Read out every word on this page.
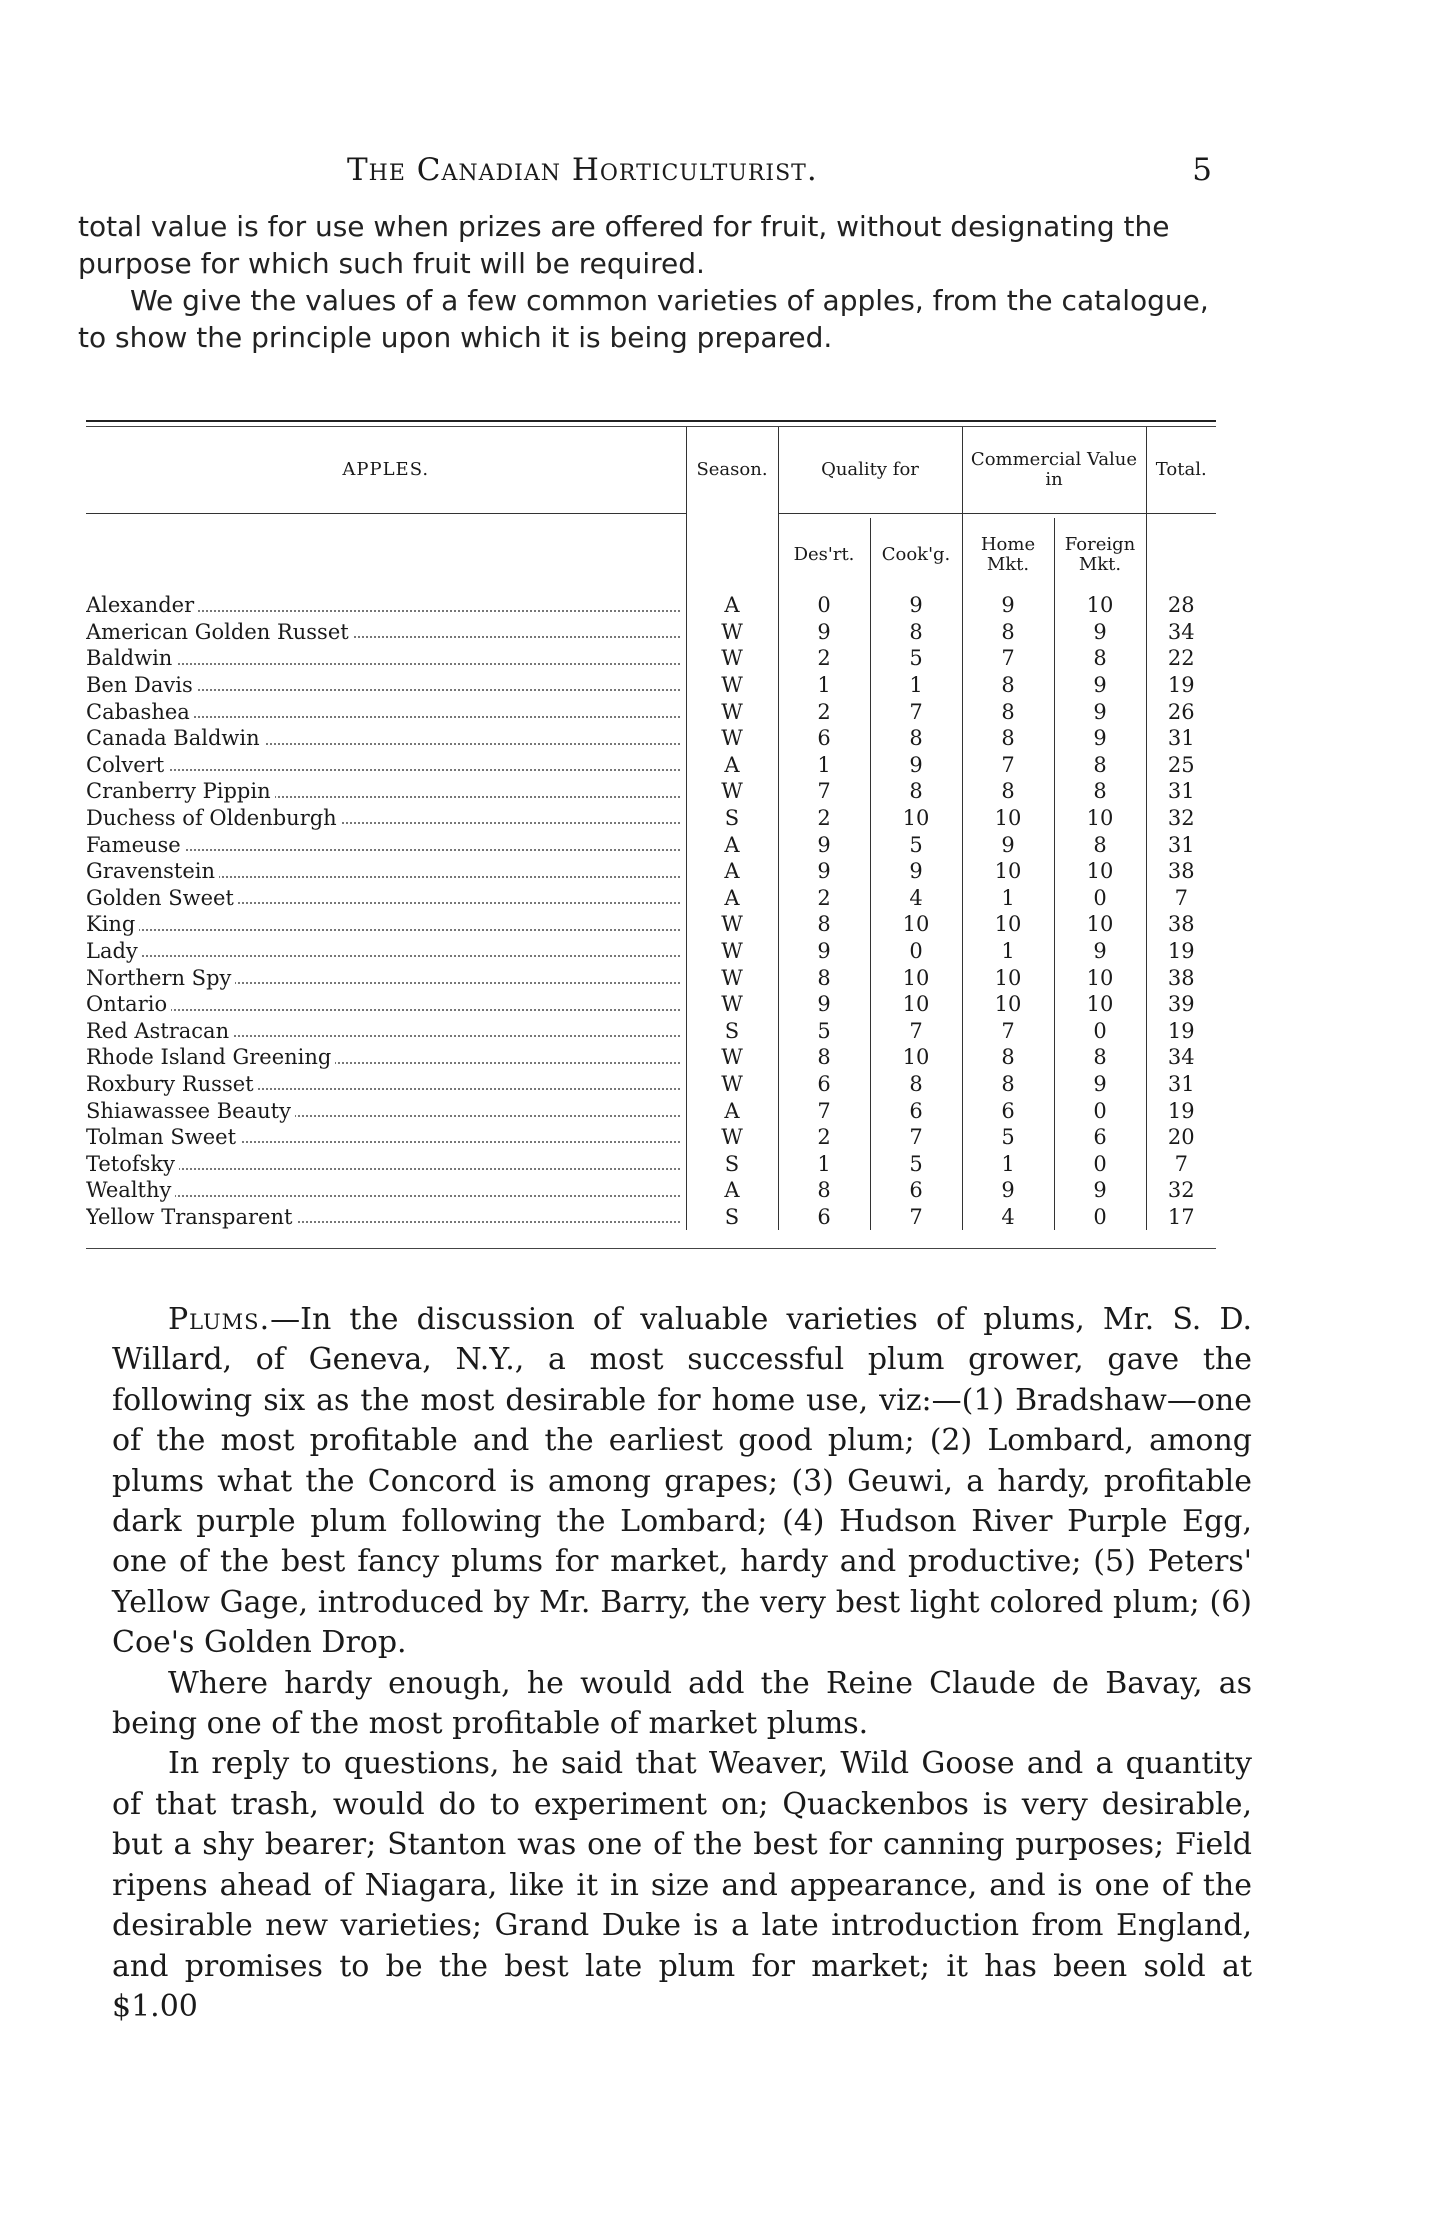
The Canadian Horticulturist.	5

total value is for use when prizes are offered for fruit, without designating the purpose for which such fruit will be required.

We give the values of a few common varieties of apples, from the catalogue, to show the principle upon which it is being prepared.

APPLES.	Season.	Quality for		Commercial Value in		Total.

		Des'rt.	Cook'g.	Home Mkt.	Foreign Mkt.	

Alexander	A	0	9	9	10	28

American Golden Russet	W	9	8	8	9	34

Baldwin	W	2	5	7	8	22

Ben Davis	W	1	1	8	9	19

Cabashea	W	2	7	8	9	26

Canada Baldwin	W	6	8	8	9	31

Colvert	A	1	9	7	8	25

Cranberry Pippin	W	7	8	8	8	31

Duchess of Oldenburgh	S	2	10	10	10	32

Fameuse	A	9	5	9	8	31

Gravenstein	A	9	9	10	10	38

Golden Sweet	A	2	4	1	0	7

King	W	8	10	10	10	38

Lady	W	9	0	1	9	19

Northern Spy	W	8	10	10	10	38

Ontario	W	9	10	10	10	39

Red Astracan	S	5	7	7	0	19

Rhode Island Greening	W	8	10	8	8	34

Roxbury Russet	W	6	8	8	9	31

Shiawassee Beauty	A	7	6	6	0	19

Tolman Sweet	W	2	7	5	6	20

Tetofsky	S	1	5	1	0	7

Wealthy	A	8	6	9	9	32

Yellow Transparent	S	6	7	4	0	17

Plums.—In the discussion of valuable varieties of plums, Mr. S. D. Willard, of Geneva, N.Y., a most successful plum grower, gave the following six as the most desirable for home use, viz:—(1) Bradshaw—one of the most profitable and the earliest good plum; (2) Lombard, among plums what the Concord is among grapes; (3) Geuwi, a hardy, profitable dark purple plum following the Lombard; (4) Hudson River Purple Egg, one of the best fancy plums for market, hardy and productive; (5) Peters' Yellow Gage, introduced by Mr. Barry, the very best light colored plum; (6) Coe's Golden Drop.

Where hardy enough, he would add the Reine Claude de Bavay, as being one of the most profitable of market plums.

In reply to questions, he said that Weaver, Wild Goose and a quantity of that trash, would do to experiment on; Quackenbos is very desirable, but a shy bearer; Stanton was one of the best for canning purposes; Field ripens ahead of Niagara, like it in size and appearance, and is one of the desirable new varieties; Grand Duke is a late introduction from England, and promises to be the best late plum for market; it has been sold at $1.00
